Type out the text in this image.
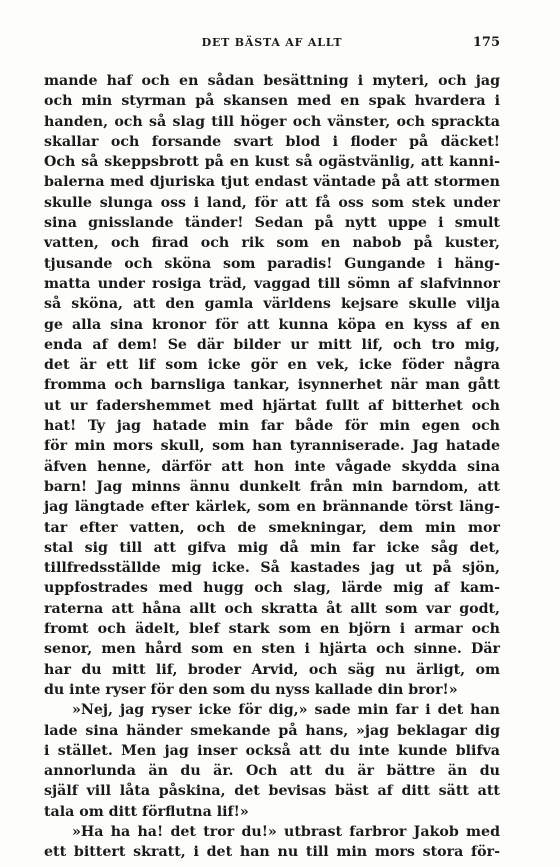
DET BÄSTA AF ALLT	175
mande haf och en sådan besättning i myteri, och jag
och min styrman på skansen med en spak hvardera i
handen, och så slag till höger och vänster, och sprackta
skallar och forsande svart blod i floder på däcket!
Och så skeppsbrott på en kust så ogästvänlig, att kanni-
balerna med djuriska tjut endast väntade på att stormen
skulle slunga oss i land, för att få oss som stek under
sina gnisslande tänder! Sedan på nytt uppe i smult
vatten, och firad och rik som en nabob på kuster,
tjusande och sköna som paradis! Gungande i häng-
matta under rosiga träd, vaggad till sömn af slafvinnor
så sköna, att den gamla världens kejsare skulle vilja
ge alla sina kronor för att kunna köpa en kyss af en
enda af dem! Se där bilder ur mitt lif, och tro mig,
det är ett lif som icke gör en vek, icke föder några
fromma och barnsliga tankar, isynnerhet när man gått
ut ur fadershemmet med hjärtat fullt af bitterhet och
hat! Ty jag hatade min far både för min egen och
för min mors skull, som han tyranniserade. Jag hatade
äfven henne, därför att hon inte vågade skydda sina
barn! Jag minns ännu dunkelt från min barndom, att
jag längtade efter kärlek, som en brännande törst läng-
tar efter vatten, och de smekningar, dem min mor
stal sig till att gifva mig då min far icke såg det,
tillfredsställde mig icke. Så kastades jag ut på sjön,
uppfostrades med hugg och slag, lärde mig af kam-
raterna att håna allt och skratta åt allt som var godt,
fromt och ädelt, blef stark som en björn i armar och
senor, men hård som en sten i hjärta och sinne. Där
har du mitt lif, broder Arvid, och säg nu ärligt, om
du inte ryser för den som du nyss kallade din bror!»
»Nej, jag ryser icke för dig,» sade min far i det han
lade sina händer smekande på hans, »jag beklagar dig
i stället. Men jag inser också att du inte kunde blifva
annorlunda än du är. Och att du är bättre än du
själf vill låta påskina, det bevisas bäst af ditt sätt att
tala om ditt förflutna lif!»
»Ha ha ha! det tror du!» utbrast farbror Jakob med
ett bittert skratt, i det han nu till min mors stora för-
